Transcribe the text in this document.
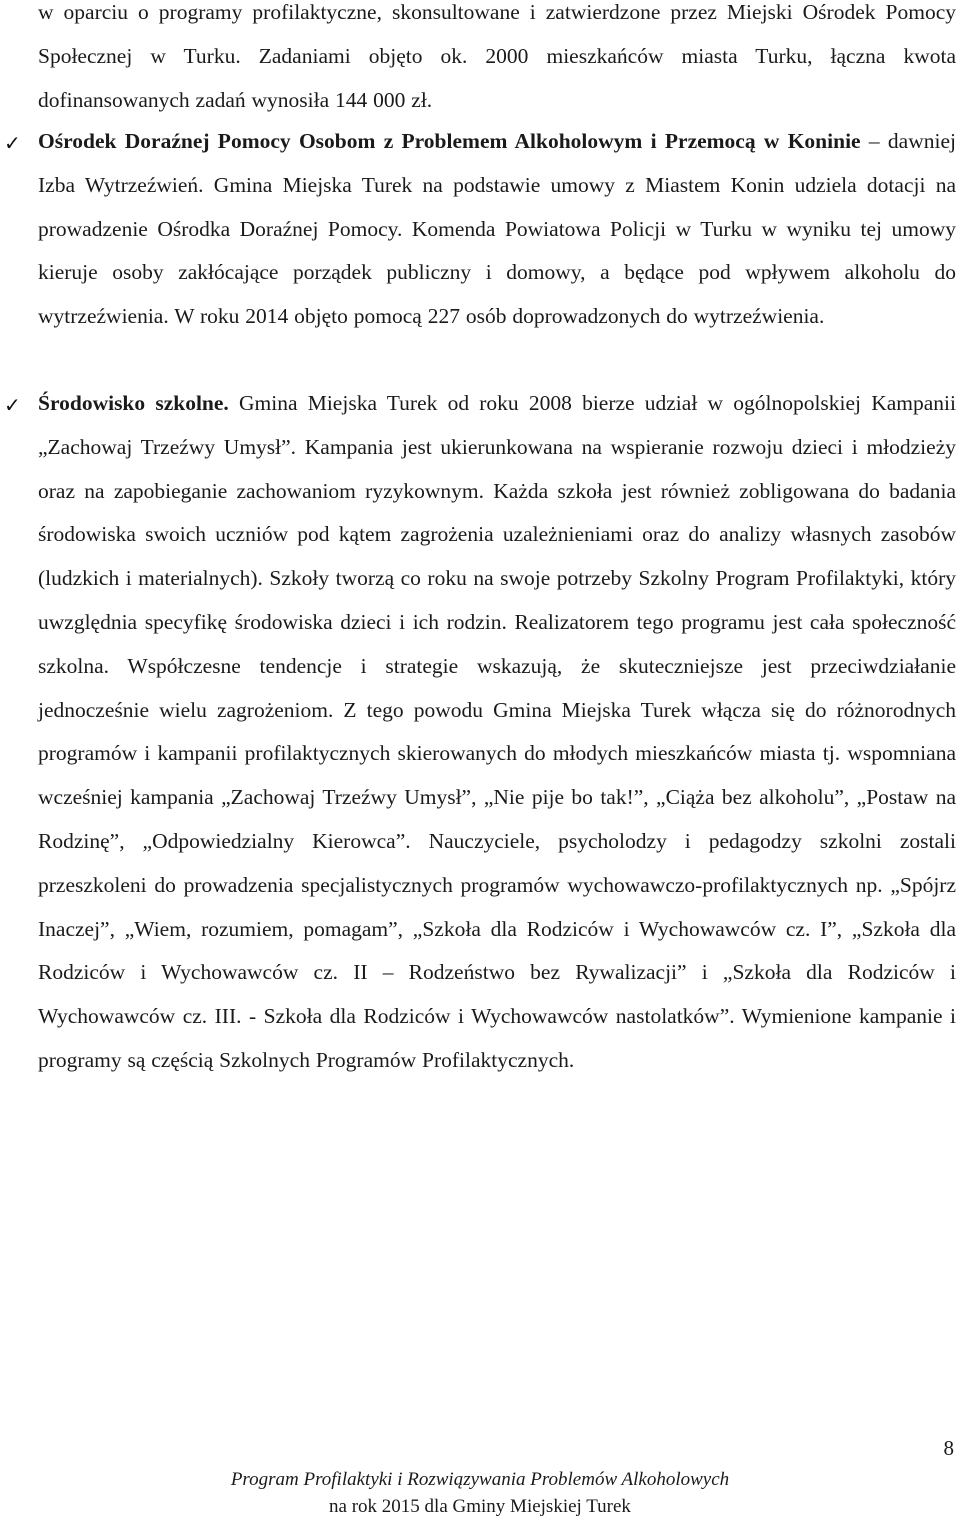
w oparciu o programy profilaktyczne, skonsultowane i zatwierdzone przez Miejski Ośrodek Pomocy Społecznej w Turku. Zadaniami objęto ok. 2000 mieszkańców miasta Turku, łączna kwota dofinansowanych zadań wynosiła 144 000 zł.
✓ Ośrodek Doraźnej Pomocy Osobom z Problemem Alkoholowym i Przemocą w Koninie – dawniej Izba Wytrzeźwień. Gmina Miejska Turek na podstawie umowy z Miastem Konin udziela dotacji na prowadzenie Ośrodka Doraźnej Pomocy. Komenda Powiatowa Policji w Turku w wyniku tej umowy kieruje osoby zakłócające porządek publiczny i domowy, a będące pod wpływem alkoholu do wytrzeźwienia. W roku 2014 objęto pomocą 227 osób doprowadzonych do wytrzeźwienia.
✓ Środowisko szkolne. Gmina Miejska Turek od roku 2008 bierze udział w ogólnopolskiej Kampanii „Zachowaj Trzeźwy Umysł”. Kampania jest ukierunkowana na wspieranie rozwoju dzieci i młodzieży oraz na zapobieganie zachowaniom ryzykownym. Każda szkoła jest również zobligowana do badania środowiska swoich uczniów pod kątem zagrożenia uzależnieniami oraz do analizy własnych zasobów (ludzkich i materialnych). Szkoły tworzą co roku na swoje potrzeby Szkolny Program Profilaktyki, który uwzględnia specyfikę środowiska dzieci i ich rodzin. Realizatorem tego programu jest cała społeczność szkolna. Współczesne tendencje i strategie wskazują, że skuteczniejsze jest przeciwdziałanie jednocześnie wielu zagrożeniom. Z tego powodu Gmina Miejska Turek włącza się do różnorodnych programów i kampanii profilaktycznych skierowanych do młodych mieszkańców miasta tj. wspomniana wcześniej kampania „Zachowaj Trzeźwy Umysł”, „Nie pije bo tak!”, „Ciąża bez alkoholu”, „Postaw na Rodzinę”, „Odpowiedzialny Kierowca”. Nauczyciele, psycholodzy i pedagodzy szkolni zostali przeszkoleni do prowadzenia specjalistycznych programów wychowawczo-profilaktycznych np. „Spójrz Inaczej”, „Wiem, rozumiem, pomagam”, „Szkoła dla Rodziców i Wychowawców cz. I”, „Szkoła dla Rodziców i Wychowawców cz. II – Rodzeństwo bez Rywalizacji” i „Szkoła dla Rodziców i Wychowawców cz. III. - Szkoła dla Rodziców i Wychowawców nastolatków”. Wymienione kampanie i programy są częścią Szkolnych Programów Profilaktycznych.
8
Program Profilaktyki i Rozwiązywania Problemów Alkoholowych
na rok 2015 dla Gminy Miejskiej Turek
